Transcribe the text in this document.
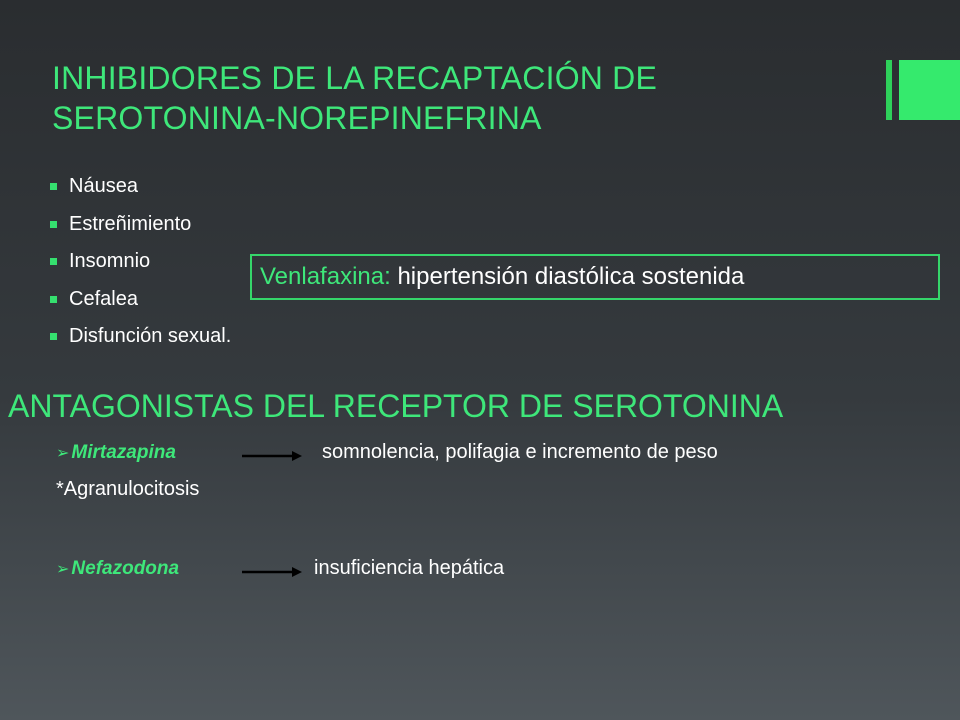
INHIBIDORES DE LA RECAPTACIÓN DE SEROTONINA-NOREPINEFRINA
Náusea
Estreñimiento
Insomnio
Cefalea
Disfunción sexual.
Venlafaxina:
hipertensión diastólica sostenida
ANTAGONISTAS DEL RECEPTOR DE SEROTONINA
➢ Mirtazapina	somnolencia, polifagia e incremento de peso
*Agranulocitosis
➢ Nefazodona	insuficiencia hepática
